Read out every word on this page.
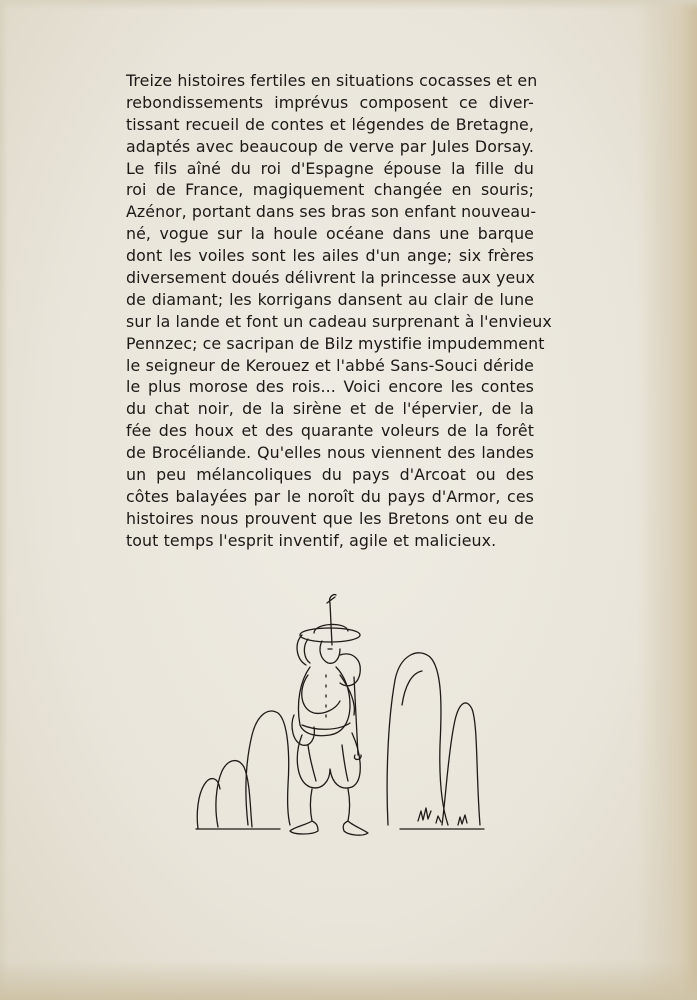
Treize histoires fertiles en situations cocasses et en
rebondissements imprévus composent ce diver-
tissant recueil de contes et légendes de Bretagne,
adaptés avec beaucoup de verve par Jules Dorsay.
Le fils aîné du roi d'Espagne épouse la fille du
roi de France, magiquement changée en souris;
Azénor, portant dans ses bras son enfant nouveau-
né, vogue sur la houle océane dans une barque
dont les voiles sont les ailes d'un ange; six frères
diversement doués délivrent la princesse aux yeux
de diamant; les korrigans dansent au clair de lune
sur la lande et font un cadeau surprenant à l'envieux
Pennzec; ce sacripan de Bilz mystifie impudemment
le seigneur de Kerouez et l'abbé Sans-Souci déride
le plus morose des rois... Voici encore les contes
du chat noir, de la sirène et de l'épervier, de la
fée des houx et des quarante voleurs de la forêt
de Brocéliande. Qu'elles nous viennent des landes
un peu mélancoliques du pays d'Arcoat ou des
côtes balayées par le noroît du pays d'Armor, ces
histoires nous prouvent que les Bretons ont eu de
tout temps l'esprit inventif, agile et malicieux.
